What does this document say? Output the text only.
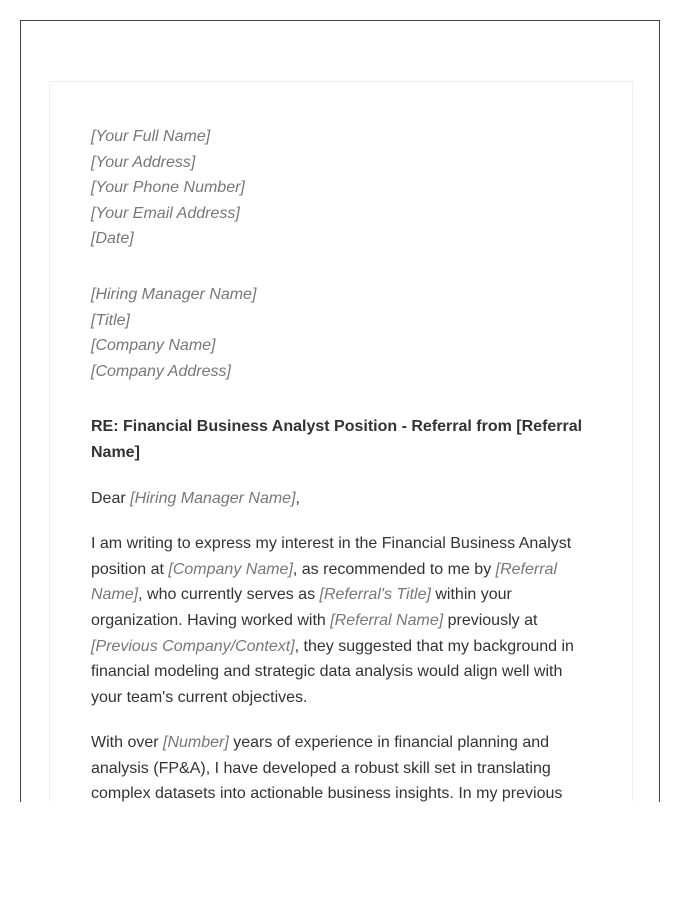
[Your Full Name]
[Your Address]
[Your Phone Number]
[Your Email Address]
[Date]
[Hiring Manager Name]
[Title]
[Company Name]
[Company Address]
RE: Financial Business Analyst Position - Referral from [Referral Name]
Dear [Hiring Manager Name],
I am writing to express my interest in the Financial Business Analyst position at [Company Name], as recommended to me by [Referral Name], who currently serves as [Referral's Title] within your organization. Having worked with [Referral Name] previously at [Previous Company/Context], they suggested that my background in financial modeling and strategic data analysis would align well with your team's current objectives.
With over [Number] years of experience in financial planning and analysis (FP&A), I have developed a robust skill set in translating complex datasets into actionable business insights. In my previous
